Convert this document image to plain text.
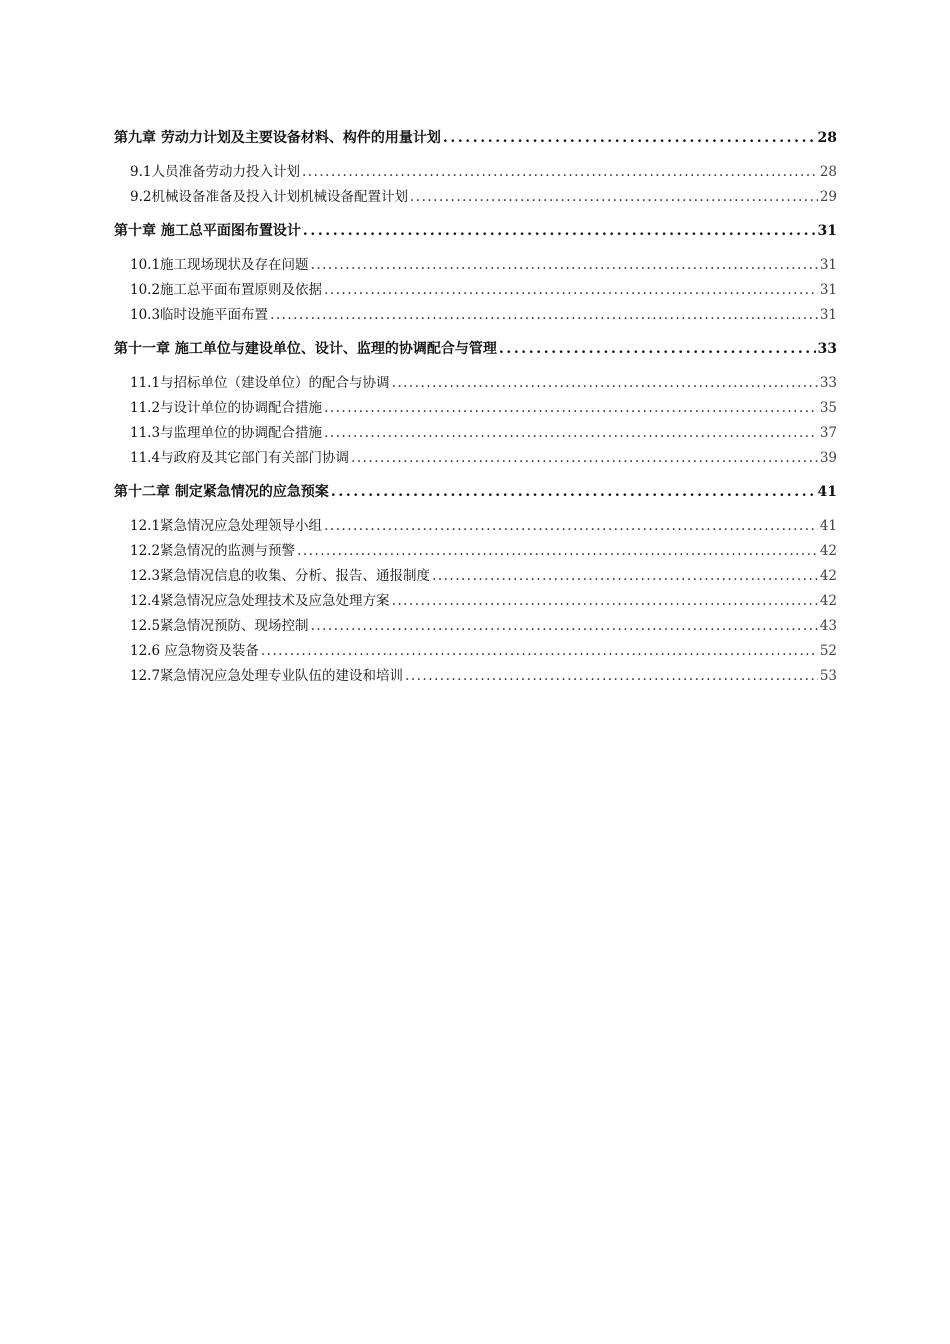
第九章 劳动力计划及主要设备材料、构件的用量计划 .....	28
9.1人员准备劳动力投入计划 .....	28
9.2机械设备准备及投入计划机械设备配置计划 .....	29
第十章 施工总平面图布置设计 .....	31
10.1施工现场现状及存在问题 .....	31
10.2施工总平面布置原则及依据 .....	31
10.3临时设施平面布置 .....	31
第十一章 施工单位与建设单位、设计、监理的协调配合与管理 .....	33
11.1与招标单位（建设单位）的配合与协调 .....	33
11.2与设计单位的协调配合措施 .....	35
11.3与监理单位的协调配合措施 .....	37
11.4与政府及其它部门有关部门协调 .....	39
第十二章 制定紧急情况的应急预案 .....	41
12.1紧急情况应急处理领导小组 .....	41
12.2紧急情况的监测与预警 .....	42
12.3紧急情况信息的收集、分析、报告、通报制度 .....	42
12.4紧急情况应急处理技术及应急处理方案 .....	42
12.5紧急情况预防、现场控制 .....	43
12.6 应急物资及装备 .....	52
12.7紧急情况应急处理专业队伍的建设和培训 .....	53
